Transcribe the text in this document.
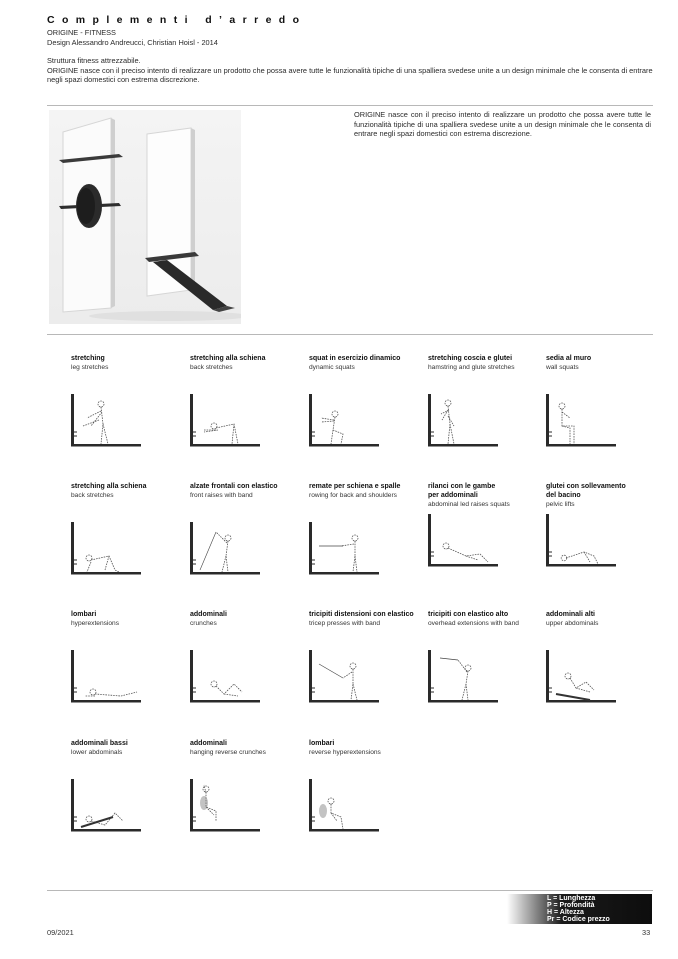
Complementi d’arredo
ORIGINE - FITNESS
Design Alessandro Andreucci, Christian Hoisl - 2014
Struttura fitness attrezzabile.
ORIGINE nasce con il preciso intento di realizzare un prodotto che possa avere tutte le funzionalità tipiche di una spalliera svedese unite a un design minimale che le consenta di entrare negli spazi domestici con estrema discrezione.
ORIGINE nasce con il preciso intento di realizzare un prodotto che possa avere tutte le funzionalità tipiche di una spalliera svedese unite a un design minimale che le consenta di entrare negli spazi domestici con estrema discrezione.
stretching
leg stretches
stretching alla schiena
back stretches
squat in esercizio dinamico
dynamic squats
stretching coscia e glutei
hamstring and glute stretches
sedia al muro
wall squats
stretching alla schiena
back stretches
alzate frontali con elastico
front raises with band
remate per schiena e spalle
rowing for back and shoulders
rilanci con le gambe
per addominali
abdominal led raises squats
glutei con sollevamento
del bacino
pelvic lifts
lombari
hyperextensions
addominali
crunches
tricipiti distensioni con elastico
tricep presses with band
tricipiti con elastico alto
overhead extensions with band
addominali alti
upper abdominals
addominali bassi
lower abdominals
addominali
hanging reverse crunches
lombari
reverse hyperextensions
L = Lunghezza
P = Profondità
H = Altezza
Pr = Codice prezzo
09/2021	33
